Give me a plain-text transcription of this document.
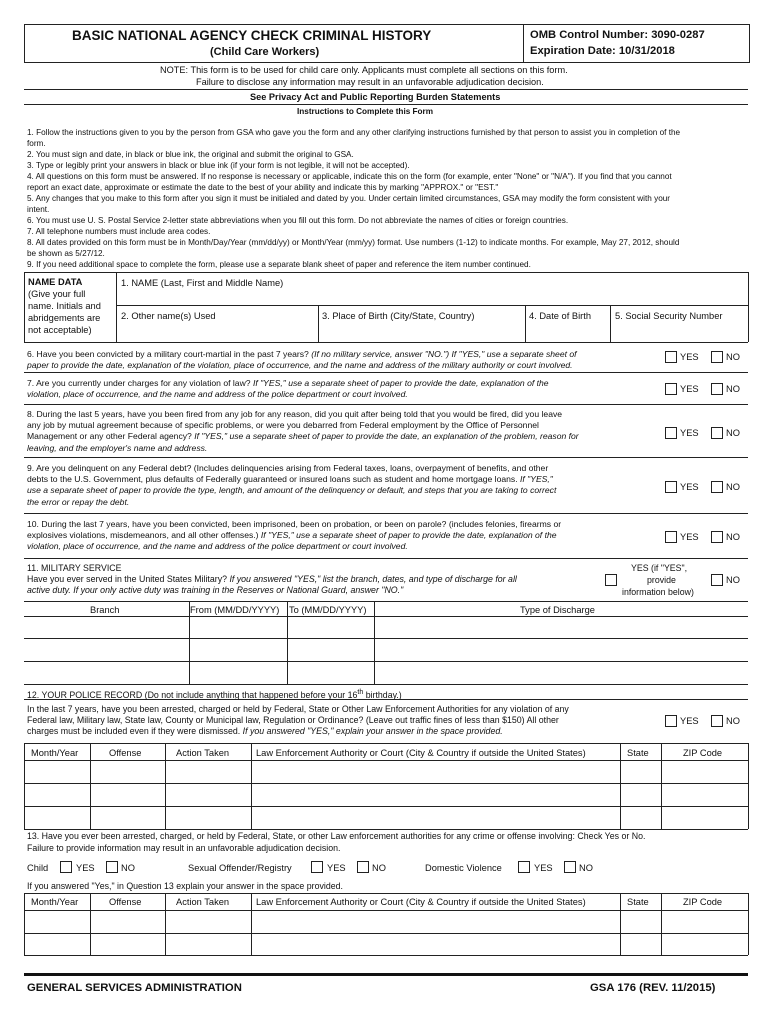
BASIC NATIONAL AGENCY CHECK CRIMINAL HISTORY
(Child Care Workers)
OMB Control Number: 3090-0287
Expiration Date: 10/31/2018
NOTE: This form is to be used for child care only. Applicants must complete all sections on this form.
Failure to disclose any information may result in an unfavorable adjudication decision.
See Privacy Act and Public Reporting Burden Statements
Instructions to Complete this Form
1. Follow the instructions given to you by the person from GSA who gave you the form and any other clarifying instructions furnished by that person to assist you in completion of the
form.
2. You must sign and date, in black or blue ink, the original and submit the original to GSA.
3. Type or legibly print your answers in black or blue ink (if your form is not legible, it will not be accepted).
4. All questions on this form must be answered. If no response is necessary or applicable, indicate this on the form (for example, enter "None" or "N/A"). If you find that you cannot
report an exact date, approximate or estimate the date to the best of your ability and indicate this by marking "APPROX." or "EST."
5. Any changes that you make to this form after you sign it must be initialed and dated by you. Under certain limited circumstances, GSA may modify the form consistent with your
intent.
6. You must use U. S. Postal Service 2-letter state abbreviations when you fill out this form. Do not abbreviate the names of cities or foreign countries.
7. All telephone numbers must include area codes.
8. All dates provided on this form must be in Month/Day/Year (mm/dd/yy) or Month/Year (mm/yy) format. Use numbers (1-12) to indicate months. For example, May 27, 2012, should
be shown as 5/27/12.
9. If you need additional space to complete the form, please use a separate blank sheet of paper and reference the item number continued.
NAME DATA
(Give your full
name. Initials and
abridgements are
not acceptable)
1. NAME (Last, First and Middle Name)
2. Other name(s) Used	3. Place of Birth (City/State, Country)	4. Date of Birth	5. Social Security Number
6. Have you been convicted by a military court-martial in the past 7 years? (If no military service, answer "NO.") If "YES," use a separate sheet of
paper to provide the date, explanation of the violation, place of occurrence, and the name and address of the military authority or court involved.
YES	NO
7. Are you currently under charges for any violation of law? If "YES," use a separate sheet of paper to provide the date, explanation of the
violation, place of occurrence, and the name and address of the police department or court involved.
YES	NO
8. During the last 5 years, have you been fired from any job for any reason, did you quit after being told that you would be fired, did you leave
any job by mutual agreement because of specific problems, or were you debarred from Federal employment by the Office of Personnel
Management or any other Federal agency? If "YES," use a separate sheet of paper to provide the date, an explanation of the problem, reason for
leaving, and the employer's name and address.
YES	NO
9. Are you delinquent on any Federal debt? (Includes delinquencies arising from Federal taxes, loans, overpayment of benefits, and other
debts to the U.S. Government, plus defaults of Federally guaranteed or insured loans such as student and home mortgage loans. If "YES,"
use a separate sheet of paper to provide the type, length, and amount of the delinquency or default, and steps that you are taking to correct
the error or repay the debt.
YES	NO
10. During the last 7 years, have you been convicted, been imprisoned, been on probation, or been on parole? (includes felonies, firearms or
explosives violations, misdemeanors, and all other offenses.) If "YES," use a separate sheet of paper to provide the date, explanation of the
violation, place of occurrence, and the name and address of the police department or court involved.
YES	NO
11. MILITARY SERVICE
Have you ever served in the United States Military? If you answered "YES," list the branch, dates, and type of discharge for all
active duty. If your only active duty was training in the Reserves or National Guard, answer "NO."
YES (if "YES",
provide
information below)
NO
Branch	From (MM/DD/YYYY) To (MM/DD/YYYY)	Type of Discharge
12. YOUR POLICE RECORD (Do not include anything that happened before your 16th birthday.)
In the last 7 years, have you been arrested, charged or held by Federal, State or Other Law Enforcement Authorities for any violation of any
Federal law, Military law, State law, County or Municipal law, Regulation or Ordinance? (Leave out traffic fines of less than $150) All other
charges must be included even if they were dismissed. If you answered "YES," explain your answer in the space provided.
YES	NO
Month/Year	Offense	Action Taken	Law Enforcement Authority or Court (City & Country if outside the United States)	State	ZIP Code
13. Have you ever been arrested, charged, or held by Federal, State, or other Law enforcement authorities for any crime or offense involving: Check Yes or No.
Failure to provide information may result in an unfavorable adjudication decision.
Child	YES	NO	Sexual Offender/Registry	YES	NO	Domestic Violence	YES	NO
If you answered "Yes," in Question 13 explain your answer in the space provided.
Month/Year	Offense	Action Taken	Law Enforcement Authority or Court (City & Country if outside the United States)	State	ZIP Code
GENERAL SERVICES ADMINISTRATION	GSA 176 (REV. 11/2015)
